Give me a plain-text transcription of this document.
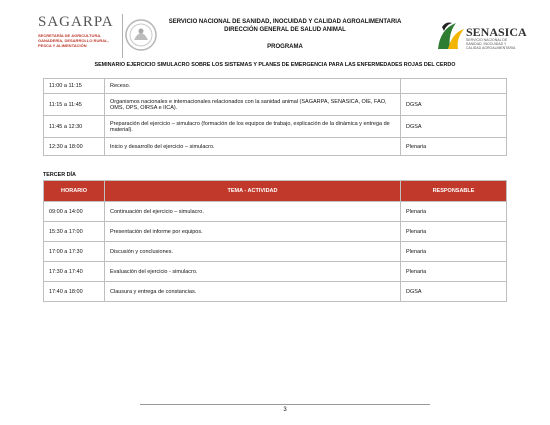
SAGARPA
SECRETARÍA DE AGRICULTURA, GANADERÍA, DESARROLLO RURAL, PESCA Y ALIMENTACIÓN
SERVICIO NACIONAL DE SANIDAD, INOCUIDAD Y CALIDAD AGROALIMENTARIA
DIRECCIÓN GENERAL DE SALUD ANIMAL
PROGRAMA
SENASICA
SERVICIO NACIONAL DE SANIDAD, INOCUIDAD Y CALIDAD AGROALIMENTARIA
SEMINARIO EJERCICIO SIMULACRO SOBRE LOS SISTEMAS Y PLANES DE EMERGENCIA PARA LAS ENFERMEDADES ROJAS DEL CERDO
11:00 a 11:15	Receso.	
11:15 a 11:45	Organismos nacionales e internacionales relacionados con la sanidad animal (SAGARPA, SENASICA, OIE, FAO, OMS, OPS, OIRSA e IICA).	DGSA
11:45 a 12:30	Preparación del ejercicio – simulacro (formación de los equipos de trabajo, explicación de la dinámica y entrega de material).	DGSA
12:30 a 18:00	Inicio y desarrollo del ejercicio – simulacro.	Plenaria
TERCER DÍA
HORARIO	TEMA - ACTIVIDAD	RESPONSABLE
09:00 a 14:00	Continuación del ejercicio – simulacro.	Plenaria
15:30 a 17:00	Presentación del informe por equipos.	Plenaria
17:00 a 17:30	Discusión y conclusiones.	Plenaria
17:30 a 17:40	Evaluación del ejercicio - simulacro.	Plenaria
17:40 a 18:00	Clausura y entrega de constancias.	DGSA
3
